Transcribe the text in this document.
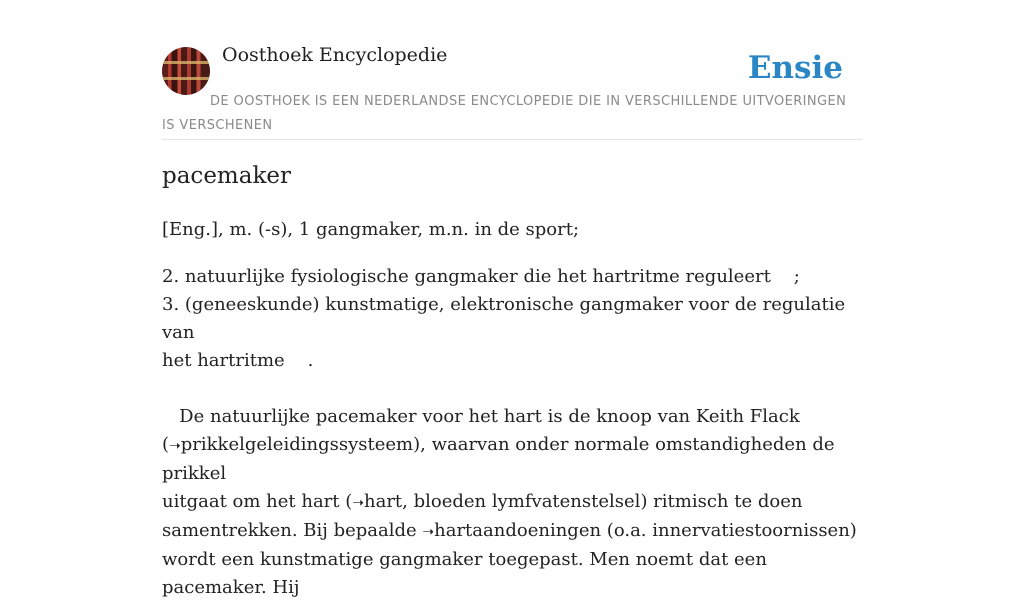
Oosthoek Encyclopedie	Ensie
DE OOSTHOEK IS EEN NEDERLANDSE ENCYCLOPEDIE DIE IN VERSCHILLENDE UITVOERINGEN IS VERSCHENEN
pacemaker

[Eng.], m. (-s), 1 gangmaker, m.n. in de sport;

2. natuurlijke fysiologische gangmaker die het hartritme reguleert    ;

3. (geneeskunde) kunstmatige, elektronische gangmaker voor de regulatie van

het hartritme    .

De natuurlijke pacemaker voor het hart is de knoop van Keith Flack

(➝prikkelgeleidingssysteem), waarvan onder normale omstandigheden de prikkel

uitgaat om het hart (➝hart, bloeden lymfvatenstelsel) ritmisch te doen

samentrekken. Bij bepaalde ➝hartaandoeningen (o.a. innervatiestoornissen)

wordt een kunstmatige gangmaker toegepast. Men noemt dat een pacemaker. Hij
